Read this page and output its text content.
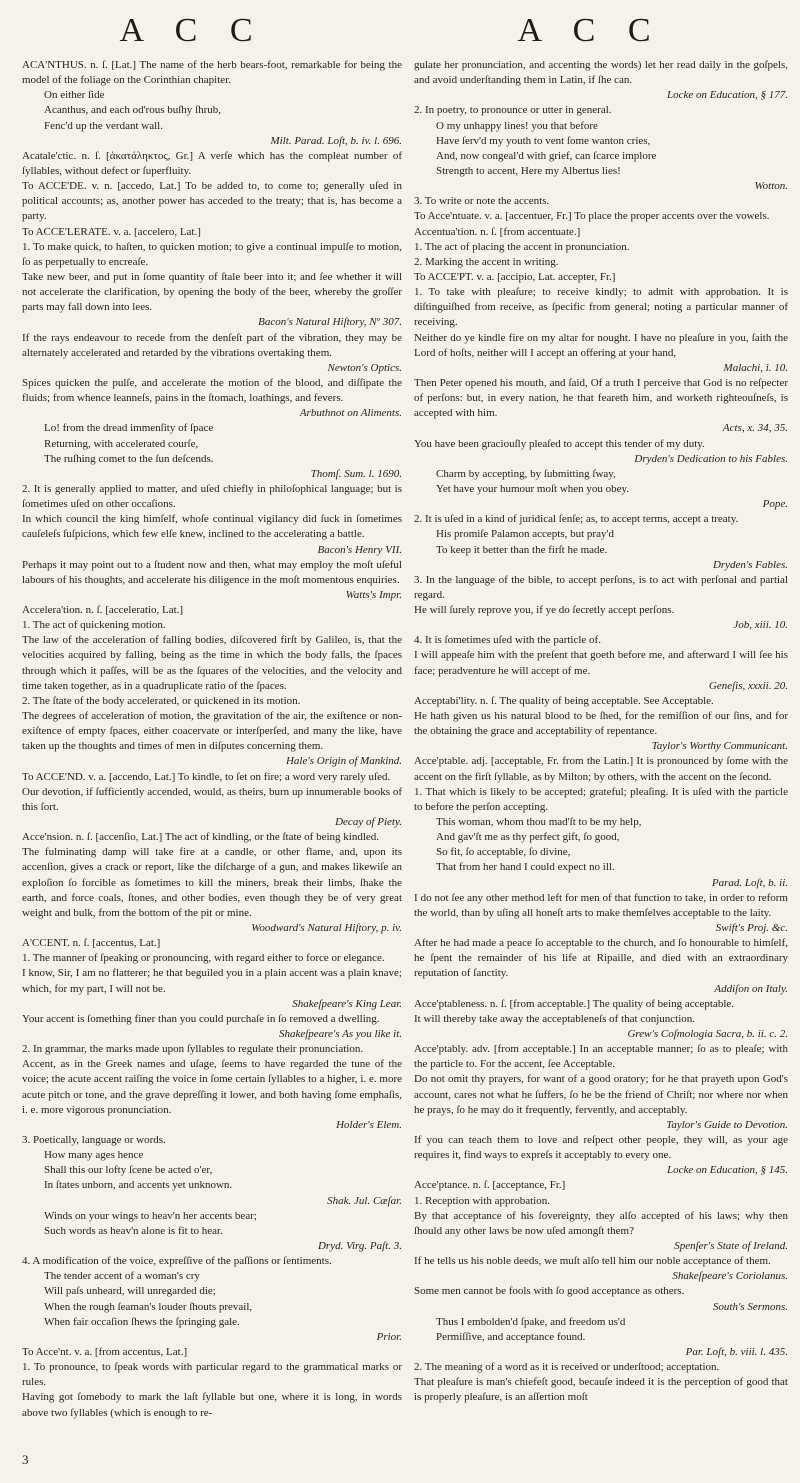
A C C	A C C

ACA'NTHUS. n. ſ. [Lat.] The name of the herb bears-foot, remarkable for being the model of the foliage on the Corinthian chapiter.

On either ſide

Acanthus, and each od'rous buſhy ſhrub,

Fenc'd up the verdant wall.

Milt. Parad. Loſt, b. iv. l. 696.

Acatale'ctic. n. ſ. [ἀκατάληκτος, Gr.] A verſe which has the compleat number of ſyllables, without defect or ſuperfluity.

To ACCE'DE. v. n. [accedo, Lat.] To be added to, to come to; generally uſed in political accounts; as, another power has acceded to the treaty; that is, has become a party.

To ACCE'LERATE. v. a. [accelero, Lat.]

1. To make quick, to haſten, to quicken motion; to give a continual impulſe to motion, ſo as perpetually to encreaſe.

Take new beer, and put in ſome quantity of ſtale beer into it; and ſee whether it will not accelerate the clarification, by opening the body of the beer, whereby the groſſer parts may fall down into lees.

Bacon's Natural Hiſtory, Nº 307.

If the rays endeavour to recede from the denſeſt part of the vibration, they may be alternately accelerated and retarded by the vibrations overtaking them.

Newton's Optics.

Spices quicken the pulſe, and accelerate the motion of the blood, and diſſipate the fluids; from whence leanneſs, pains in the ſtomach, loathings, and fevers.

Arbuthnot on Aliments.

Lo! from the dread immenſity of ſpace

Returning, with accelerated courſe,

The ruſhing comet to the ſun deſcends.

Thomſ. Sum. l. 1690.

2. It is generally applied to matter, and uſed chiefly in philoſophical language; but is ſometimes uſed on other occaſions.

In which council the king himſelf, whoſe continual vigilancy did ſuck in ſometimes cauſeleſs ſuſpicions, which few elſe knew, inclined to the accelerating a battle.

Bacon's Henry VII.

Perhaps it may point out to a ſtudent now and then, what may employ the moſt uſeful labours of his thoughts, and accelerate his diligence in the moſt momentous enquiries.

Watts's Impr.

Accelera'tion. n. ſ. [acceleratio, Lat.]

1. The act of quickening motion.

The law of the acceleration of falling bodies, diſcovered firſt by Galileo, is, that the velocities acquired by falling, being as the time in which the body falls, the ſpaces through which it paſſes, will be as the ſquares of the velocities, and the velocity and time taken together, as in a quadruplicate ratio of the ſpaces.

2. The ſtate of the body accelerated, or quickened in its motion.

The degrees of acceleration of motion, the gravitation of the air, the exiſtence or non-exiſtence of empty ſpaces, either coacervate or interſperſed, and many the like, have taken up the thoughts and times of men in diſputes concerning them.

Hale's Origin of Mankind.

To ACCE'ND. v. a. [accendo, Lat.] To kindle, to ſet on fire; a word very rarely uſed.

Our devotion, if ſufficiently accended, would, as theirs, burn up innumerable books of this ſort.

Decay of Piety.

Acce'nsion. n. ſ. [accenſio, Lat.] The act of kindling, or the ſtate of being kindled.

The fulminating damp will take fire at a candle, or other flame, and, upon its accenſion, gives a crack or report, like the diſcharge of a gun, and makes likewiſe an exploſion ſo forcible as ſometimes to kill the miners, break their limbs, ſhake the earth, and force coals, ſtones, and other bodies, even though they be of very great weight and bulk, from the bottom of the pit or mine.

Woodward's Natural Hiſtory, p. iv.

A'CCENT. n. ſ. [accentus, Lat.]

1. The manner of ſpeaking or pronouncing, with regard either to force or elegance.

I know, Sir, I am no flatterer; he that beguiled you in a plain accent was a plain knave; which, for my part, I will not be.

Shakeſpeare's King Lear.

Your accent is ſomething finer than you could purchaſe in ſo removed a dwelling.

Shakeſpeare's As you like it.

2. In grammar, the marks made upon ſyllables to regulate their pronunciation.

Accent, as in the Greek names and uſage, ſeems to have regarded the tune of the voice; the acute accent raiſing the voice in ſome certain ſyllables to a higher, i. e. more acute pitch or tone, and the grave depreſſing it lower, and both having ſome emphaſis, i. e. more vigorous pronunciation.

Holder's Elem.

3. Poetically, language or words.

How many ages hence

Shall this our lofty ſcene be acted o'er,

In ſtates unborn, and accents yet unknown.

Shak. Jul. Cæſar.

Winds on your wings to heav'n her accents bear;

Such words as heav'n alone is fit to hear.

Dryd. Virg. Paſt. 3.

4. A modification of the voice, expreſſive of the paſſions or ſentiments.

The tender accent of a woman's cry

Will paſs unheard, will unregarded die;

When the rough ſeaman's louder ſhouts prevail,

When fair occaſion ſhews the ſpringing gale.

Prior.

To Acce'nt. v. a. [from accentus, Lat.]

1. To pronounce, to ſpeak words with particular regard to the grammatical marks or rules.

Having got ſomebody to mark the laſt ſyllable but one, where it is long, in words above two ſyllables (which is enough to re-

gulate her pronunciation, and accenting the words) let her read daily in the goſpels, and avoid underſtanding them in Latin, if ſhe can.

Locke on Education, § 177.

2. In poetry, to pronounce or utter in general.

O my unhappy lines! you that before

Have ſerv'd my youth to vent ſome wanton cries,

And, now congeal'd with grief, can ſcarce implore

Strength to accent, Here my Albertus lies!

Wotton.

3. To write or note the accents.

To Acce'ntuate. v. a. [accentuer, Fr.] To place the proper accents over the vowels.

Accentua'tion. n. ſ. [from accentuate.]

1. The act of placing the accent in pronunciation.

2. Marking the accent in writing.

To ACCE'PT. v. a. [accipio, Lat. accepter, Fr.]

1. To take with pleaſure; to receive kindly; to admit with approbation. It is diſtinguiſhed from receive, as ſpecific from general; noting a particular manner of receiving.

Neither do ye kindle fire on my altar for nought. I have no pleaſure in you, ſaith the Lord of hoſts, neither will I accept an offering at your hand,

Malachi, i. 10.

Then Peter opened his mouth, and ſaid, Of a truth I perceive that God is no reſpecter of perſons: but, in every nation, he that feareth him, and worketh righteouſneſs, is accepted with him.

Acts, x. 34, 35.

You have been graciouſly pleaſed to accept this tender of my duty.

Dryden's Dedication to his Fables.

Charm by accepting, by ſubmitting ſway,

Yet have your humour moſt when you obey.

Pope.

2. It is uſed in a kind of juridical ſenſe; as, to accept terms, accept a treaty.

His promiſe Palamon accepts, but pray'd

To keep it better than the firſt he made.

Dryden's Fables.

3. In the language of the bible, to accept perſons, is to act with perſonal and partial regard.

He will ſurely reprove you, if ye do ſecretly accept perſons.

Job, xiii. 10.

4. It is ſometimes uſed with the particle of.

I will appeaſe him with the preſent that goeth before me, and afterward I will ſee his face; peradventure he will accept of me.

Geneſis, xxxii. 20.

Acceptabi'lity. n. ſ. The quality of being acceptable. See Acceptable.

He hath given us his natural blood to be ſhed, for the remiſſion of our ſins, and for the obtaining the grace and acceptability of repentance.

Taylor's Worthy Communicant.

Acce'ptable. adj. [acceptable, Fr. from the Latin.] It is pronounced by ſome with the accent on the firſt ſyllable, as by Milton; by others, with the accent on the ſecond.

1. That which is likely to be accepted; grateful; pleaſing. It is uſed with the particle to before the perſon accepting.

This woman, whom thou mad'ſt to be my help,

And gav'ſt me as thy perfect gift, ſo good,

So fit, ſo acceptable, ſo divine,

That from her hand I could expect no ill.

Parad. Loſt, b. ii.

I do not ſee any other method left for men of that function to take, in order to reform the world, than by uſing all honeſt arts to make themſelves acceptable to the laity.

Swift's Proj. &c.

After he had made a peace ſo acceptable to the church, and ſo honourable to himſelf, he ſpent the remainder of his life at Ripaille, and died with an extraordinary reputation of ſanctity.

Addiſon on Italy.

Acce'ptableness. n. ſ. [from acceptable.] The quality of being acceptable.

It will thereby take away the acceptableneſs of that conjunction.

Grew's Coſmologia Sacra, b. ii. c. 2.

Acce'ptably. adv. [from acceptable.] In an acceptable manner; ſo as to pleaſe; with the particle to. For the accent, ſee Acceptable.

Do not omit thy prayers, for want of a good oratory; for he that prayeth upon God's account, cares not what he ſuffers, ſo he be the friend of Chriſt; nor where nor when he prays, ſo he may do it frequently, fervently, and acceptably.

Taylor's Guide to Devotion.

If you can teach them to love and reſpect other people, they will, as your age requires it, find ways to expreſs it acceptably to every one.

Locke on Education, § 145.

Acce'ptance. n. ſ. [acceptance, Fr.]

1. Reception with approbation.

By that acceptance of his ſovereignty, they alſo accepted of his laws; why then ſhould any other laws be now uſed amongſt them?

Spenſer's State of Ireland.

If he tells us his noble deeds, we muſt alſo tell him our noble acceptance of them.

Shakeſpeare's Coriolanus.

Some men cannot be fools with ſo good acceptance as others.

South's Sermons.

Thus I embolden'd ſpake, and freedom us'd

Permiſſive, and acceptance found.

Par. Loſt, b. viii. l. 435.

2. The meaning of a word as it is received or underſtood; acceptation.

That pleaſure is man's chiefeſt good, becauſe indeed it is the perception of good that is properly pleaſure, is an aſſertion moſt

3
